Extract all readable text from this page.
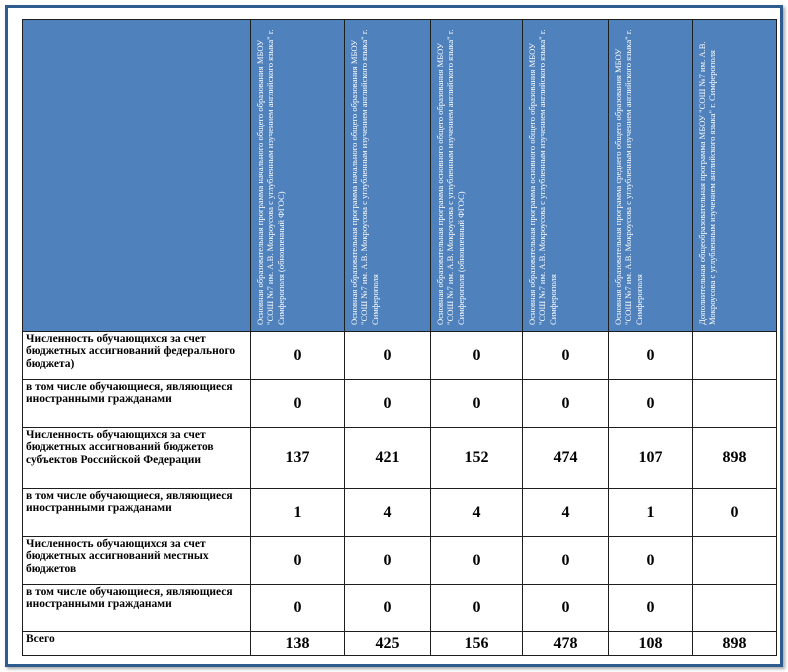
	Основная образовательная программа начального общего образования МБОУ "СОШ №7 им. А.В. Мокроусова с углубленным изучением английского языка" г. Симферополя (обновленный ФГОС)	Основная образовательная программа начального общего образования МБОУ "СОШ №7 им. А.В. Мокроусова с углубленным изучением английского языка" г. Симферополя	Основная образовательная программа основного общего образования МБОУ "СОШ №7 им. А.В. Мокроусова с углубленным изучением английского языка" г. Симферополя (обновленный ФГОС)	Основная образовательная программа основного общего образования МБОУ "СОШ №7 им. А.В. Мокроусова с углубленным изучением английского языка" г. Симферополя	Основная образовательная программа среднего общего образования МБОУ "СОШ №7 им. А.В. Мокроусова с углубленным изучением английского языка" г. Симферополя	Дополнительная общеобразовательная программа МБОУ "СОШ №7 им. А.В. Мокроусова с углубленным изучением английского языка" г. Симферополя

Численность обучающихся за счет бюджетных ассигнований федерального бюджета)	0	0	0	0	0	
в том числе обучающиеся, являющиеся иностранными гражданами	0	0	0	0	0	
Численность обучающихся за счет бюджетных ассигнований бюджетов субъектов Российской Федерации	137	421	152	474	107	898
в том числе обучающиеся, являющиеся иностранными гражданами	1	4	4	4	1	0
Численность обучающихся за счет бюджетных ассигнований местных бюджетов	0	0	0	0	0	
в том числе обучающиеся, являющиеся иностранными гражданами	0	0	0	0	0	
Всего	138	425	156	478	108	898
